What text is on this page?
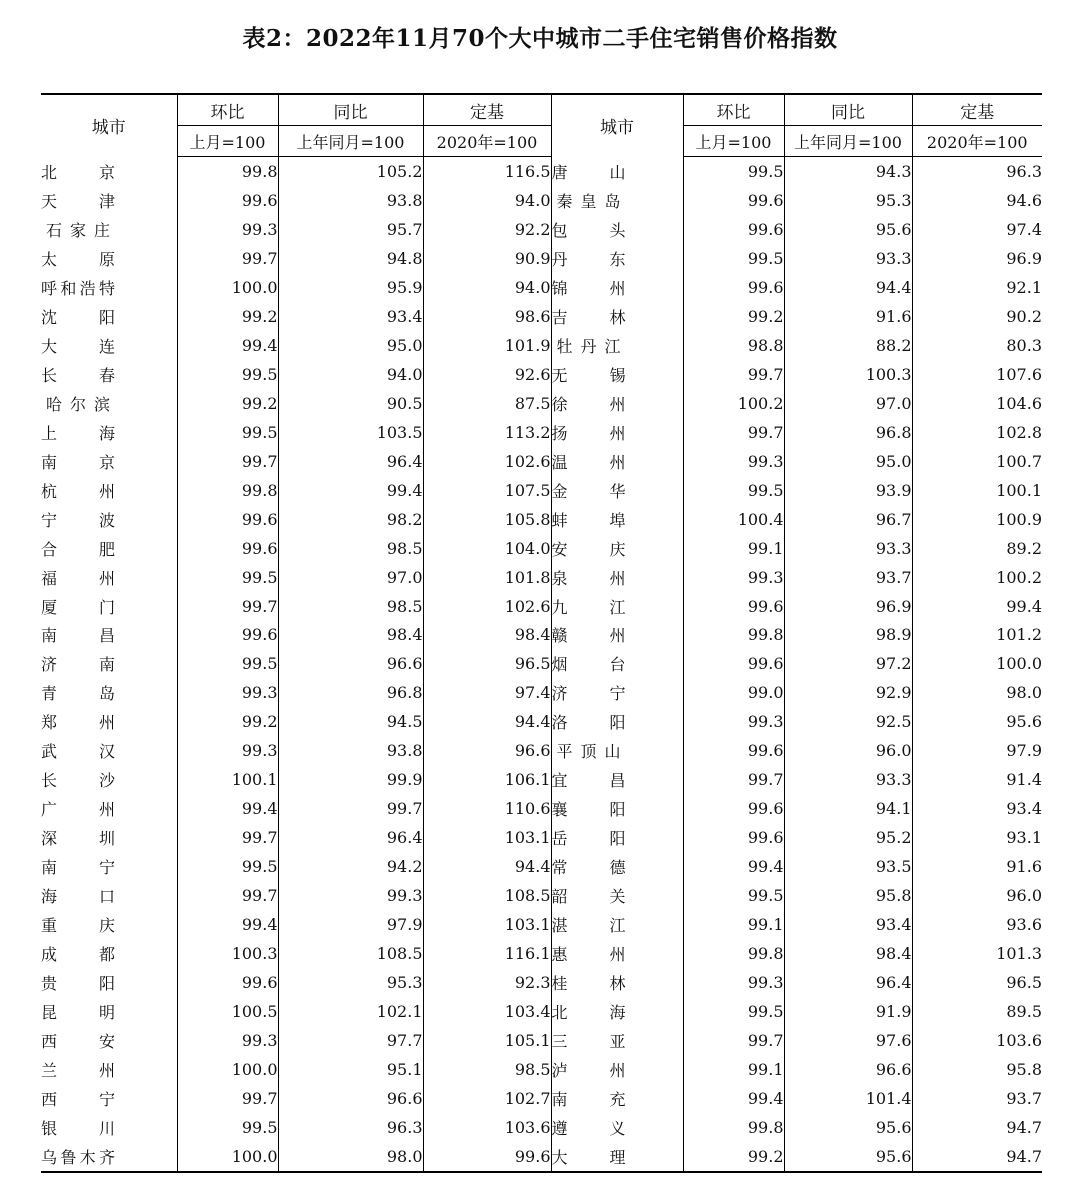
表2：2022年11月70个大中城市二手住宅销售价格指数
城市	环比	同比	定基	城市	环比	同比	定基
	上月=100	上年同月=100	2020年=100		上月=100	上年同月=100	2020年=100
北京	99.8	105.2	116.5	唐山	99.5	94.3	96.3
天津	99.6	93.8	94.0	秦皇岛	99.6	95.3	94.6
石家庄	99.3	95.7	92.2	包头	99.6	95.6	97.4
太原	99.7	94.8	90.9	丹东	99.5	93.3	96.9
呼和浩特	100.0	95.9	94.0	锦州	99.6	94.4	92.1
沈阳	99.2	93.4	98.6	吉林	99.2	91.6	90.2
大连	99.4	95.0	101.9	牡丹江	98.8	88.2	80.3
长春	99.5	94.0	92.6	无锡	99.7	100.3	107.6
哈尔滨	99.2	90.5	87.5	徐州	100.2	97.0	104.6
上海	99.5	103.5	113.2	扬州	99.7	96.8	102.8
南京	99.7	96.4	102.6	温州	99.3	95.0	100.7
杭州	99.8	99.4	107.5	金华	99.5	93.9	100.1
宁波	99.6	98.2	105.8	蚌埠	100.4	96.7	100.9
合肥	99.6	98.5	104.0	安庆	99.1	93.3	89.2
福州	99.5	97.0	101.8	泉州	99.3	93.7	100.2
厦门	99.7	98.5	102.6	九江	99.6	96.9	99.4
南昌	99.6	98.4	98.4	赣州	99.8	98.9	101.2
济南	99.5	96.6	96.5	烟台	99.6	97.2	100.0
青岛	99.3	96.8	97.4	济宁	99.0	92.9	98.0
郑州	99.2	94.5	94.4	洛阳	99.3	92.5	95.6
武汉	99.3	93.8	96.6	平顶山	99.6	96.0	97.9
长沙	100.1	99.9	106.1	宜昌	99.7	93.3	91.4
广州	99.4	99.7	110.6	襄阳	99.6	94.1	93.4
深圳	99.7	96.4	103.1	岳阳	99.6	95.2	93.1
南宁	99.5	94.2	94.4	常德	99.4	93.5	91.6
海口	99.7	99.3	108.5	韶关	99.5	95.8	96.0
重庆	99.4	97.9	103.1	湛江	99.1	93.4	93.6
成都	100.3	108.5	116.1	惠州	99.8	98.4	101.3
贵阳	99.6	95.3	92.3	桂林	99.3	96.4	96.5
昆明	100.5	102.1	103.4	北海	99.5	91.9	89.5
西安	99.3	97.7	105.1	三亚	99.7	97.6	103.6
兰州	100.0	95.1	98.5	泸州	99.1	96.6	95.8
西宁	99.7	96.6	102.7	南充	99.4	101.4	93.7
银川	99.5	96.3	103.6	遵义	99.8	95.6	94.7
乌鲁木齐	100.0	98.0	99.6	大理	99.2	95.6	94.7
